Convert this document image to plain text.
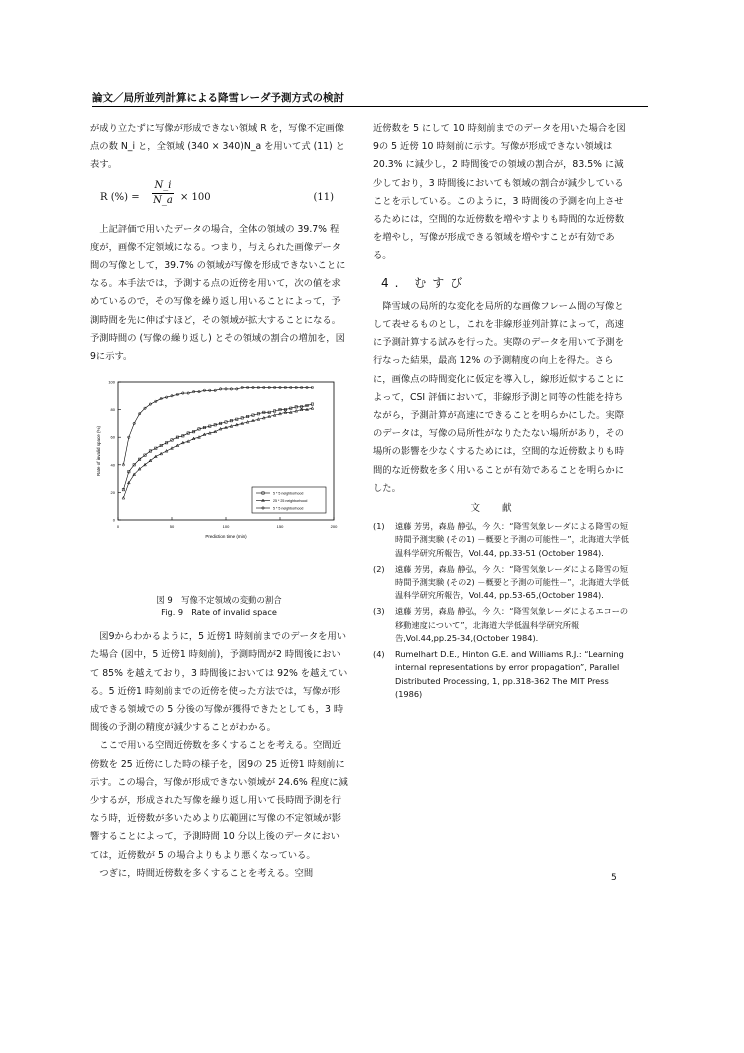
論文／局所並列計算による降雪レーダ予測方式の検討

が成り立たずに写像が形成できない領域 R を，写像不定画像点の数 N_i と，全領域 (340 × 340)N_a を用いて式 (11) と表す。

R (%) = $\frac{N\_i}{N\_a} \times 100$	(11)

上記評価で用いたデータの場合，全体の領域の 39.7% 程度が，画像不定領域になる。つまり，与えられた画像データ間の写像として，39.7% の領域が写像を形成できないことになる。本手法では，予測する点の近傍を用いて，次の値を求めているので，その写像を繰り返し用いることによって，予測時間を先に伸ばすほど，その領域が拡大することになる。予測時間の (写像の繰り返し) とその領域の割合の増加を，図9に示す。

0	50	100	150	200
0
20
40
60
80
100
Prediction time (min)
Rate of invalid space (%)
5 * 5 neighborhood
25 * 25 neighborhood
5 * 5 neighborhood
図 9　写像不定領域の変動の割合
Fig. 9　Rate of invalid space

図9からわかるように，5 近傍1 時刻前までのデータを用いた場合 (図中，5 近傍1 時刻前)，予測時間が2 時間後において 85% を越えており，3 時間後においては 92% を越えている。5 近傍1 時刻前までの近傍を使った方法では，写像が形成できる領域での 5 分後の写像が獲得できたとしても，3 時間後の予測の精度が減少することがわかる。

ここで用いる空間近傍数を多くすることを考える。空間近傍数を 25 近傍にした時の様子を，図9の 25 近傍1 時刻前に示す。この場合，写像が形成できない領域が 24.6% 程度に減少するが，形成された写像を繰り返し用いて長時間予測を行なう時，近傍数が多いためより広範囲に写像の不定領域が影響することによって，予測時間 10 分以上後のデータにおいては，近傍数が 5 の場合よりもより悪くなっている。

つぎに，時間近傍数を多くすることを考える。空間

近傍数を 5 にして 10 時刻前までのデータを用いた場合を図9の 5 近傍 10 時刻前に示す。写像が形成できない領域は 20.3% に減少し，2 時間後での領域の割合が，83.5% に減少しており，3 時間後においても領域の割合が減少していることを示している。このように，3 時間後の予測を向上させるためには，空間的な近傍数を増やすよりも時間的な近傍数を増やし，写像が形成できる領域を増やすことが有効である。

4. むすび

降雪域の局所的な変化を局所的な画像フレーム間の写像として表せるものとし，これを非線形並列計算によって，高速に予測計算する試みを行った。実際のデータを用いて予測を行なった結果，最高 12% の予測精度の向上を得た。さらに，画像点の時間変化に仮定を導入し，線形近似することによって，CSI 評価において，非線形予測と同等の性能を持ちながら，予測計算が高速にできることを明らかにした。実際のデータは，写像の局所性がなりたたない場所があり，その場所の影響を少なくするためには，空間的な近傍数よりも時間的な近傍数を多く用いることが有効であることを明らかにした。

文献
(1)	遠藤 芳男，森島 静弘，今 久：“降雪気象レーダによる降雪の短時間予測実験 (その1) －概要と予測の可能性－”，北海道大学低温科学研究所報告，Vol.44, pp.33-51 (October 1984).
(2)	遠藤 芳男，森島 静弘，今 久：“降雪気象レーダによる降雪の短時間予測実験 (その2) －概要と予測の可能性－”，北海道大学低温科学研究所報告，Vol.44, pp.53-65,(October 1984).
(3)	遠藤 芳男，森島 静弘，今 久：“降雪気象レーダによるエコーの移動速度について”，北海道大学低温科学研究所報告,Vol.44,pp.25-34,(October 1984).
(4)	Rumelhart D.E., Hinton G.E. and Williams R.J.: “Learning internal representations by error propagation”, Parallel Distributed Processing, 1, pp.318-362 The MIT Press (1986)
5
